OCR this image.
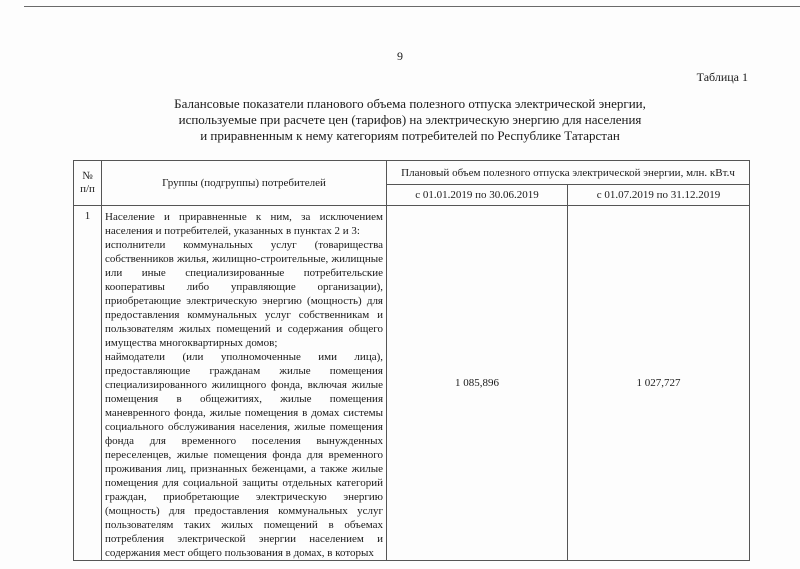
9
Таблица 1
Балансовые показатели планового объема полезного отпуска электрической энергии,
используемые при расчете цен (тарифов) на электрическую энергию для населения
и приравненным к нему категориям потребителей по Республике Татарстан
№ п/п	Группы (подгруппы) потребителей	Плановый объем полезного отпуска электрической энергии, млн. кВт.ч	
		с 01.01.2019 по 30.06.2019	с 01.07.2019 по 31.12.2019
1	Население и приравненные к ним, за исключением населения и потребителей, указанных в пунктах 2 и 3:

исполнители коммунальных услуг (товарищества собственников жилья, жилищно-строительные, жилищные или иные специализированные потребительские кооперативы либо управляющие организации), приобретающие электрическую энергию (мощность) для предоставления коммунальных услуг собственникам и пользователям жилых помещений и содержания общего имущества многоквартирных домов;

наймодатели (или уполномоченные ими лица), предоставляющие гражданам жилые помещения специализированного жилищного фонда, включая жилые помещения в общежитиях, жилые помещения маневренного фонда, жилые помещения в домах системы социального обслуживания населения, жилые помещения фонда для временного поселения вынужденных переселенцев, жилые помещения фонда для временного проживания лиц, признанных беженцами, а также жилые помещения для социальной защиты отдельных категорий граждан, приобретающие электрическую энергию (мощность) для предоставления коммунальных услуг пользователям таких жилых помещений в объемах потребления электрической энергии населением и содержания мест общего пользования в домах, в которых	1 085,896	1 027,727
